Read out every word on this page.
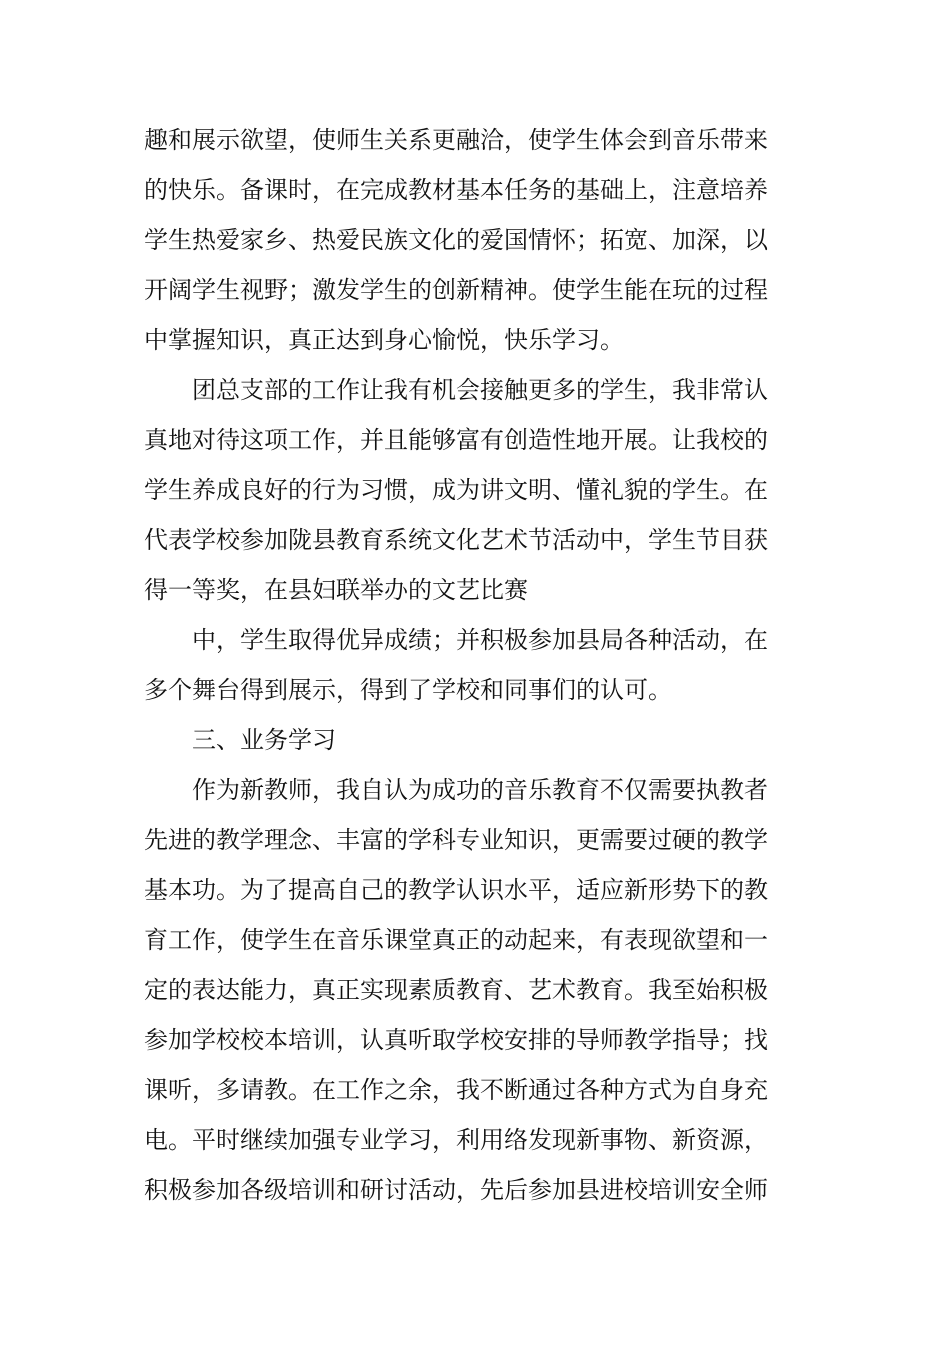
趣和展示欲望，使师生关系更融洽，使学生体会到音乐带来
的快乐。备课时，在完成教材基本任务的基础上，注意培养
学生热爱家乡、热爱民族文化的爱国情怀；拓宽、加深，以
开阔学生视野；激发学生的创新精神。使学生能在玩的过程
中掌握知识，真正达到身心愉悦，快乐学习。
团总支部的工作让我有机会接触更多的学生，我非常认
真地对待这项工作，并且能够富有创造性地开展。让我校的
学生养成良好的行为习惯，成为讲文明、懂礼貌的学生。在
代表学校参加陇县教育系统文化艺术节活动中，学生节目获
得一等奖，在县妇联举办的文艺比赛
中，学生取得优异成绩；并积极参加县局各种活动，在
多个舞台得到展示，得到了学校和同事们的认可。
三、业务学习
作为新教师，我自认为成功的音乐教育不仅需要执教者
先进的教学理念、丰富的学科专业知识，更需要过硬的教学
基本功。为了提高自己的教学认识水平，适应新形势下的教
育工作，使学生在音乐课堂真正的动起来，有表现欲望和一
定的表达能力，真正实现素质教育、艺术教育。我至始积极
参加学校校本培训，认真听取学校安排的导师教学指导；找
课听，多请教。在工作之余，我不断通过各种方式为自身充
电。平时继续加强专业学习，利用络发现新事物、新资源，
积极参加各级培训和研讨活动，先后参加县进校培训安全师
